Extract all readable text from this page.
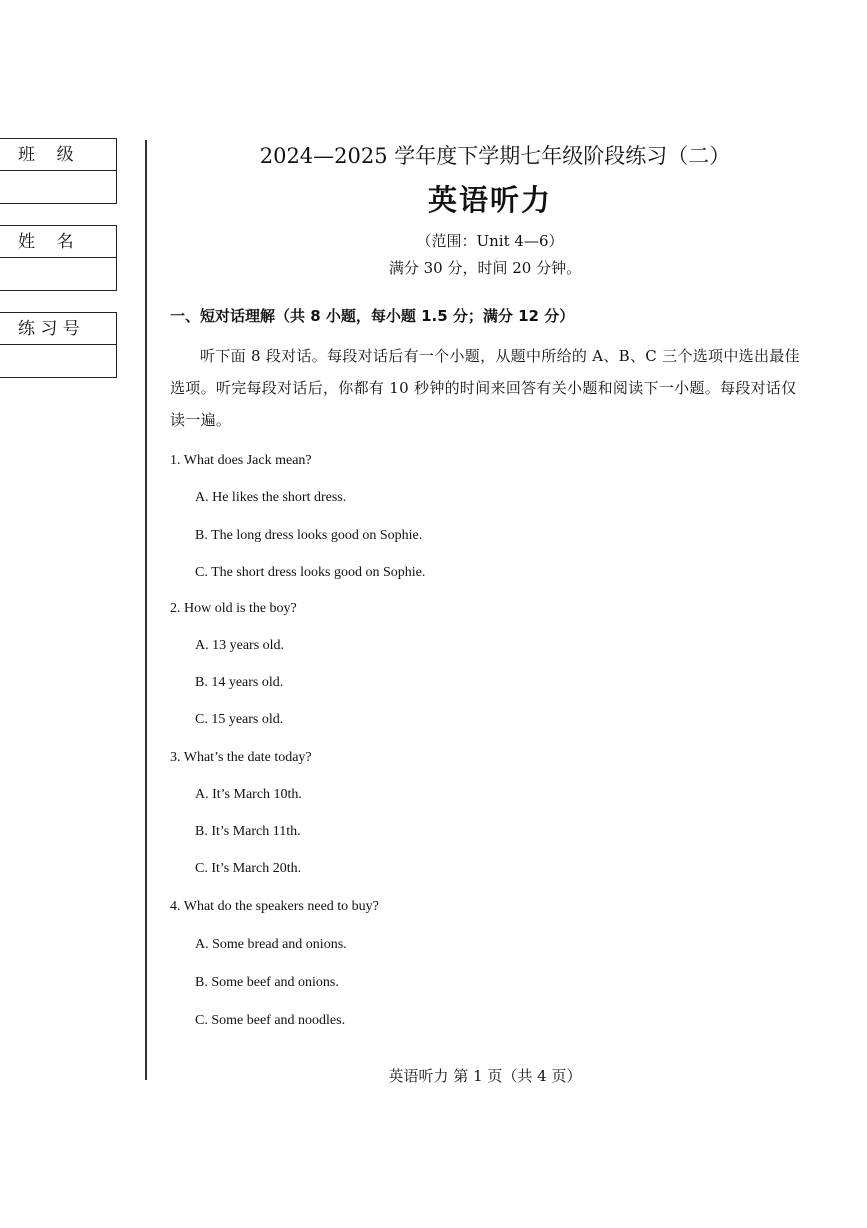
班    级
姓    名
练 习 号
2024—2025 学年度下学期七年级阶段练习（二）
英语听力
（范围：Unit 4—6）
满分 30 分，时间 20 分钟。
一、短对话理解（共 8 小题，每小题 1.5 分；满分 12 分）
听下面 8 段对话。每段对话后有一个小题，从题中所给的 A、B、C 三个选项中选出最佳选项。听完每段对话后，你都有 10 秒钟的时间来回答有关小题和阅读下一小题。每段对话仅读一遍。
1. What does Jack mean?
A. He likes the short dress.
B. The long dress looks good on Sophie.
C. The short dress looks good on Sophie.
2. How old is the boy?
A. 13 years old.
B. 14 years old.
C. 15 years old.
3. What’s the date today?
A. It’s March 10th.
B. It’s March 11th.
C. It’s March 20th.
4. What do the speakers need to buy?
A. Some bread and onions.
B. Some beef and onions.
C. Some beef and noodles.
英语听力 第 1 页（共 4 页）
